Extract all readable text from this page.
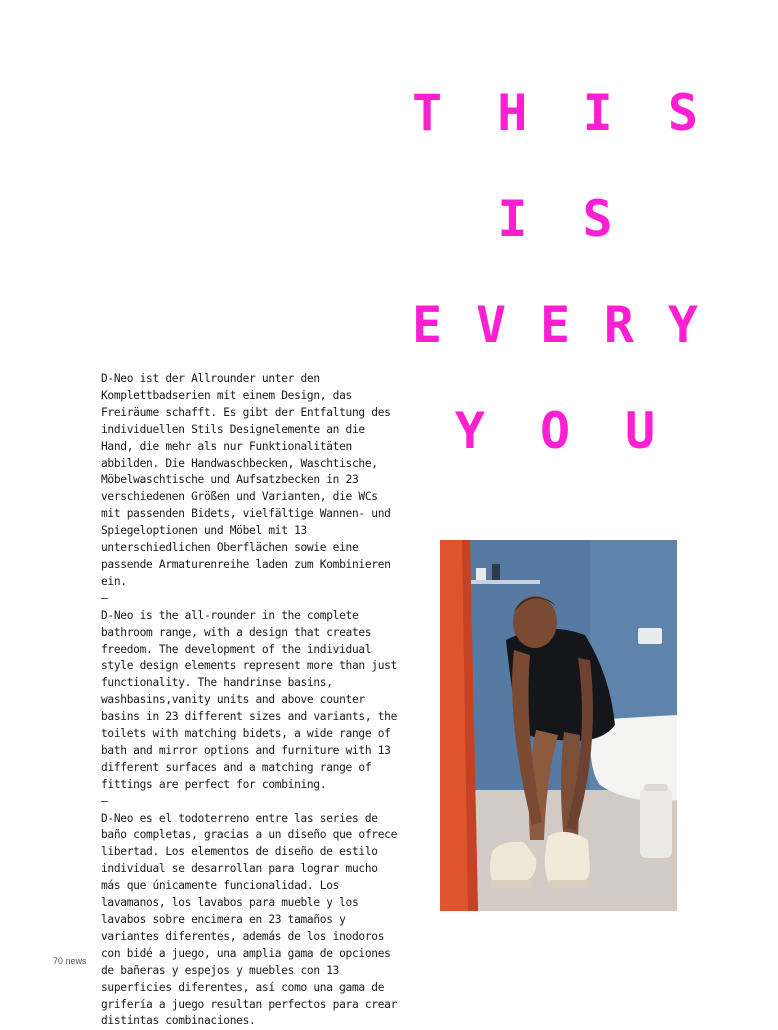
T H I S
I S
E V E R Y
Y O U

D-Neo ist der Allrounder unter den Komplettbadserien mit einem Design, das Freiräume schafft. Es gibt der Entfaltung des individuellen Stils Designelemente an die Hand, die mehr als nur Funktionalitäten abbilden. Die Handwaschbecken, Waschtische, Möbelwaschtische und Aufsatzbecken in 23 verschiedenen Größen und Varianten, die WCs mit passenden Bidets, vielfältige Wannen- und Spiegeloptionen und Möbel mit 13 unterschiedlichen Oberflächen sowie eine passende Armaturenreihe laden zum Kombinieren ein.

—

D-Neo is the all-rounder in the complete bathroom range, with a design that creates freedom. The development of the individual style design elements represent more than just functionality. The handrinse basins, washbasins,vanity units and above counter basins in 23 different sizes and variants, the toilets with matching bidets, a wide range of bath and mirror options and furniture with 13 different surfaces and a matching range of fittings are perfect for combining.

—

D-Neo es el todoterreno entre las series de baño completas, gracias a un diseño que ofrece libertad. Los elementos de diseño de estilo individual se desarrollan para lograr mucho más que únicamente funcionalidad. Los lavamanos, los lavabos para mueble y los lavabos sobre encimera en 23 tamaños y variantes diferentes, además de los inodoros con bidé a juego, una amplia gama de opciones de bañeras y espejos y muebles con 13 superficies diferentes, así como una gama de grifería a juego resultan perfectos para crear distintas combinaciones.

70 news
